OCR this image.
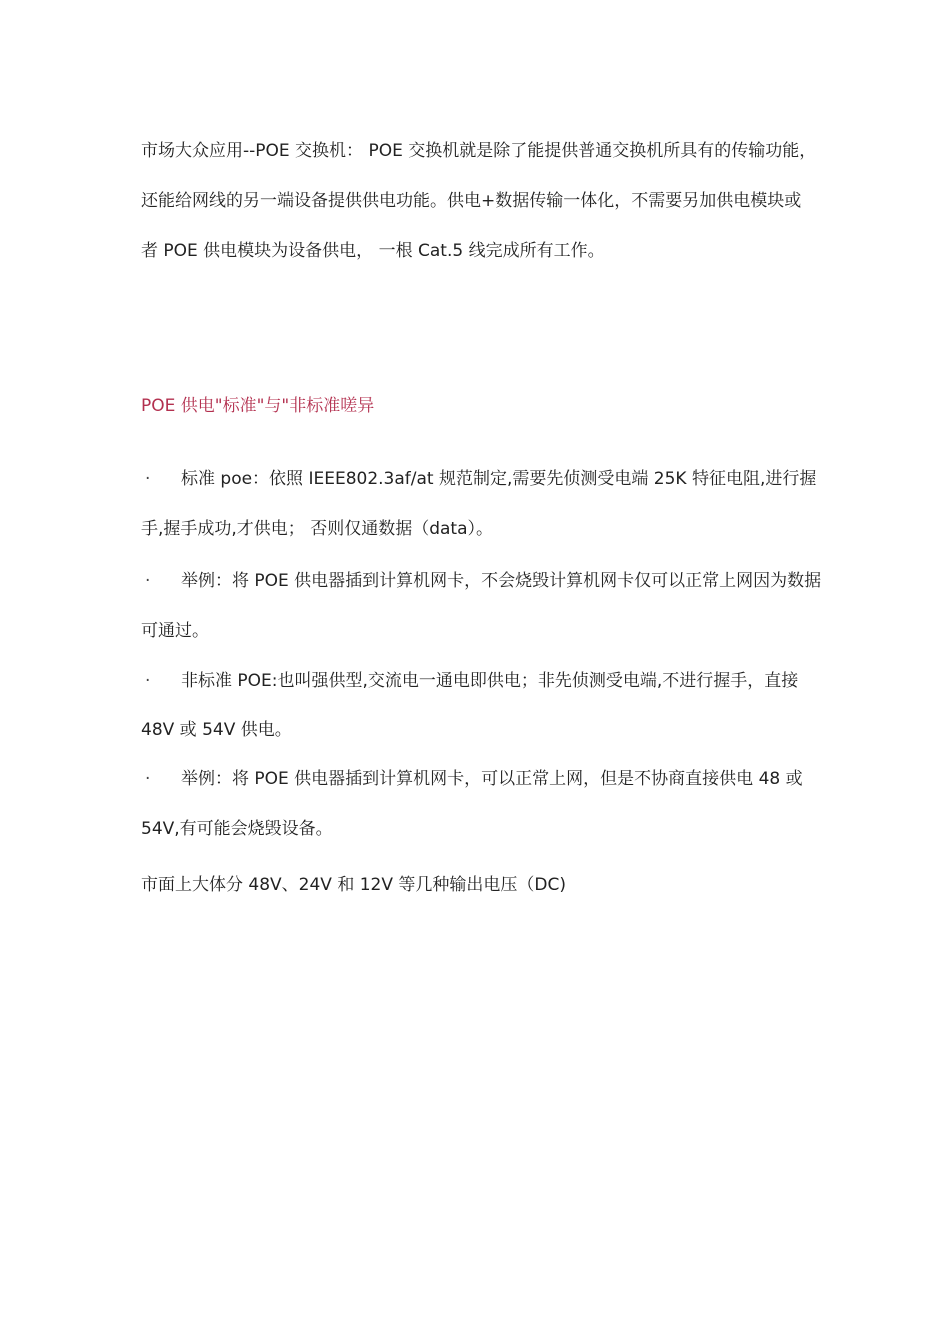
市场大众应用--POE 交换机： POE 交换机就是除了能提供普通交换机所具有的传输功能，
还能给网线的另一端设备提供供电功能。供电+数据传输一体化，不需要另加供电模块或
者 POE 供电模块为设备供电， 一根 Cat.5 线完成所有工作。
POE 供电"标准"与"非标准嗟异
· 标准 poe：依照 IEEE802.3af/at 规范制定,需要先侦测受电端 25K 特征电阻,进行握
手,握手成功,才供电； 否则仅通数据（data）。
· 举例：将 POE 供电器插到计算机网卡，不会烧毁计算机网卡仅可以正常上网因为数据
可通过。
· 非标准 POE:也叫强供型,交流电一通电即供电；非先侦测受电端,不进行握手，直接
48V 或 54V 供电。
· 举例：将 POE 供电器插到计算机网卡，可以正常上网，但是不协商直接供电 48 或
54V,有可能会烧毁设备。
市面上大体分 48V、24V 和 12V 等几种输出电压（DC)
